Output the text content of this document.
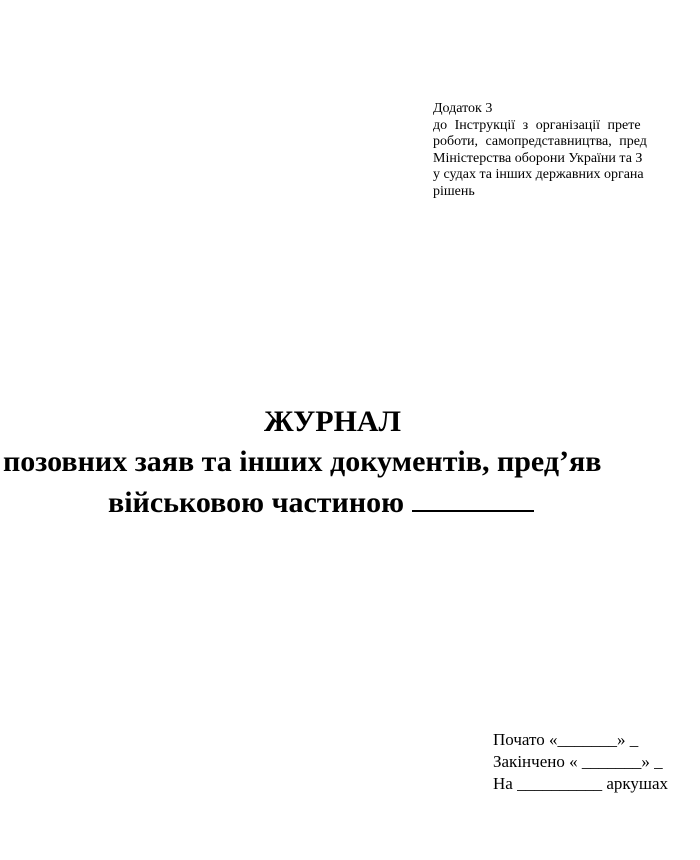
Додаток 3
до Інструкції з організації прете
роботи, самопредставництва, пред
Міністерства оборони України та З
у судах та інших державних органа
рішень
ЖУРНАЛ
позовних заяв та інших документів, пред’яв
військовою частиною
Почато «_______» _
Закінчено « _______» _
На __________ аркушах
